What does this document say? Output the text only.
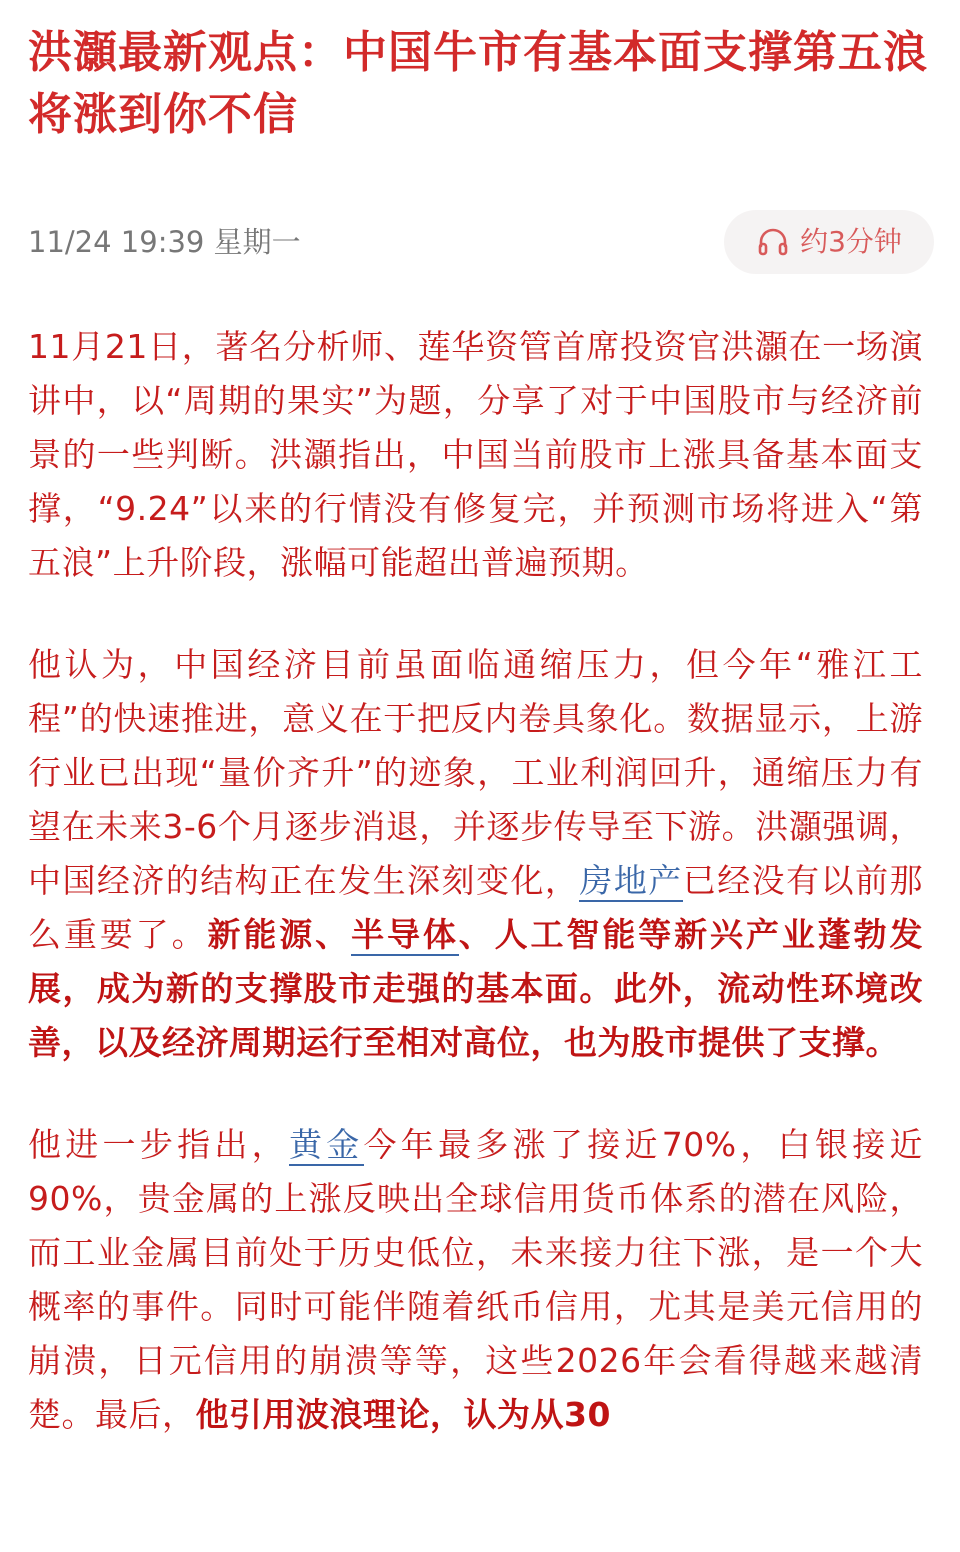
洪灝最新观点：中国牛市有基本面支撑第五浪将涨到你不信
11/24 19:39 星期一	约3分钟

11月21日，著名分析师、莲华资管首席投资官洪灝在一场演讲中，以“周期的果实”为题，分享了对于中国股市与经济前景的一些判断。洪灝指出，中国当前股市上涨具备基本面支撑，“9.24”以来的行情没有修复完，并预测市场将进入“第五浪”上升阶段，涨幅可能超出普遍预期。

他认为，中国经济目前虽面临通缩压力，但今年“雅江工程”的快速推进，意义在于把反内卷具象化。数据显示，上游行业已出现“量价齐升”的迹象，工业利润回升，通缩压力有望在未来3-6个月逐步消退，并逐步传导至下游。洪灝强调，中国经济的结构正在发生深刻变化，房地产已经没有以前那么重要了。新能源、半导体、人工智能等新兴产业蓬勃发展，成为新的支撑股市走强的基本面。此外，流动性环境改善，以及经济周期运行至相对高位，也为股市提供了支撑。

他进一步指出，黄金今年最多涨了接近70%，白银接近90%，贵金属的上涨反映出全球信用货币体系的潜在风险，而工业金属目前处于历史低位，未来接力往下涨，是一个大概率的事件。同时可能伴随着纸币信用，尤其是美元信用的崩溃，日元信用的崩溃等等，这些2026年会看得越来越清楚。最后，他引用波浪理论，认为从30
